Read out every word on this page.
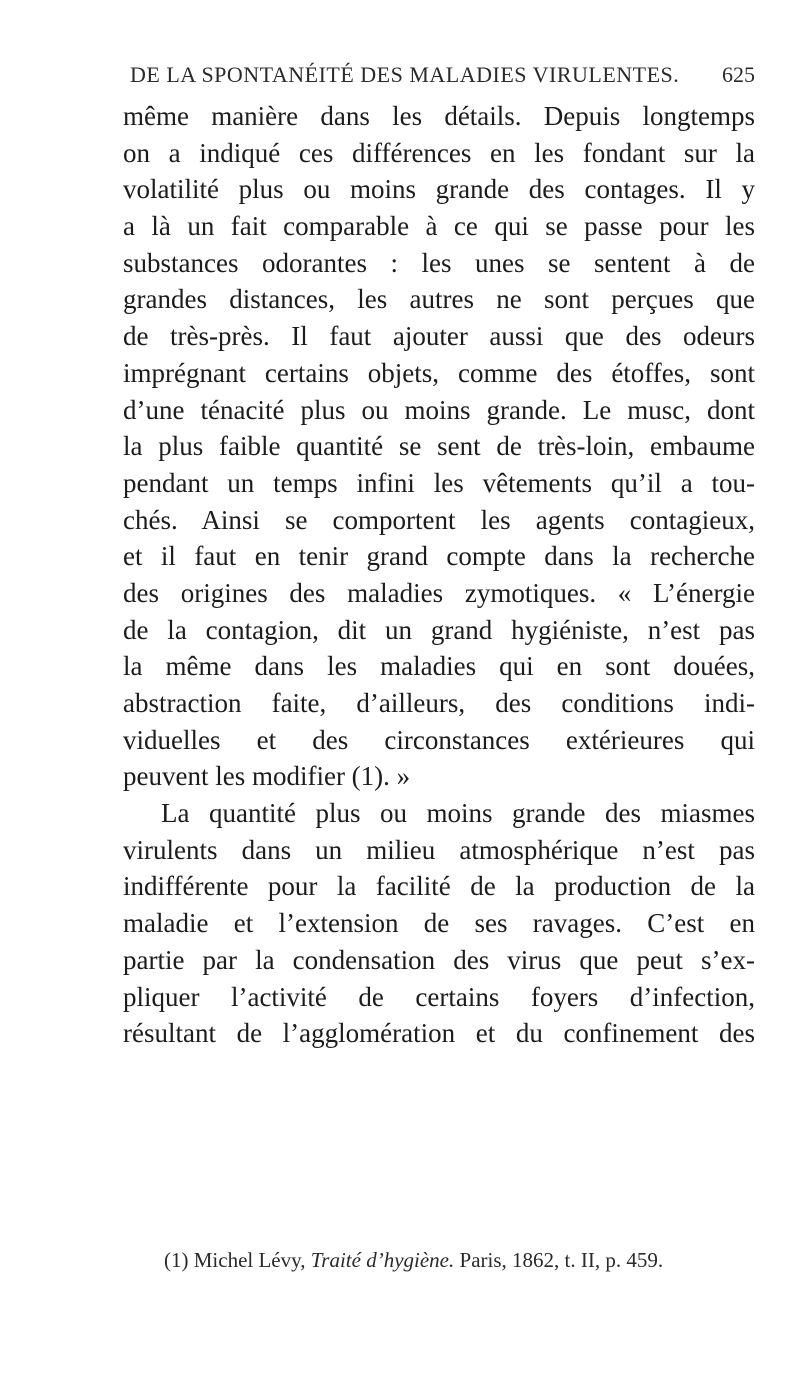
DE LA SPONTANÉITÉ DES MALADIES VIRULENTES. 625
même manière dans les détails. Depuis longtemps
on a indiqué ces différences en les fondant sur la
volatilité plus ou moins grande des contages. Il y
a là un fait comparable à ce qui se passe pour les
substances odorantes : les unes se sentent à de
grandes distances, les autres ne sont perçues que
de très-près. Il faut ajouter aussi que des odeurs
imprégnant certains objets, comme des étoffes, sont
d’une ténacité plus ou moins grande. Le musc, dont
la plus faible quantité se sent de très-loin, embaume
pendant un temps infini les vêtements qu’il a tou-
chés. Ainsi se comportent les agents contagieux,
et il faut en tenir grand compte dans la recherche
des origines des maladies zymotiques. « L’énergie
de la contagion, dit un grand hygiéniste, n’est pas
la même dans les maladies qui en sont douées,
abstraction faite, d’ailleurs, des conditions indi-
viduelles et des circonstances extérieures qui
peuvent les modifier (1). »
La quantité plus ou moins grande des miasmes
virulents dans un milieu atmosphérique n’est pas
indifférente pour la facilité de la production de la
maladie et l’extension de ses ravages. C’est en
partie par la condensation des virus que peut s’ex-
pliquer l’activité de certains foyers d’infection,
résultant de l’agglomération et du confinement des
(1) Michel Lévy, Traité d’hygiène. Paris, 1862, t. II, p. 459.
